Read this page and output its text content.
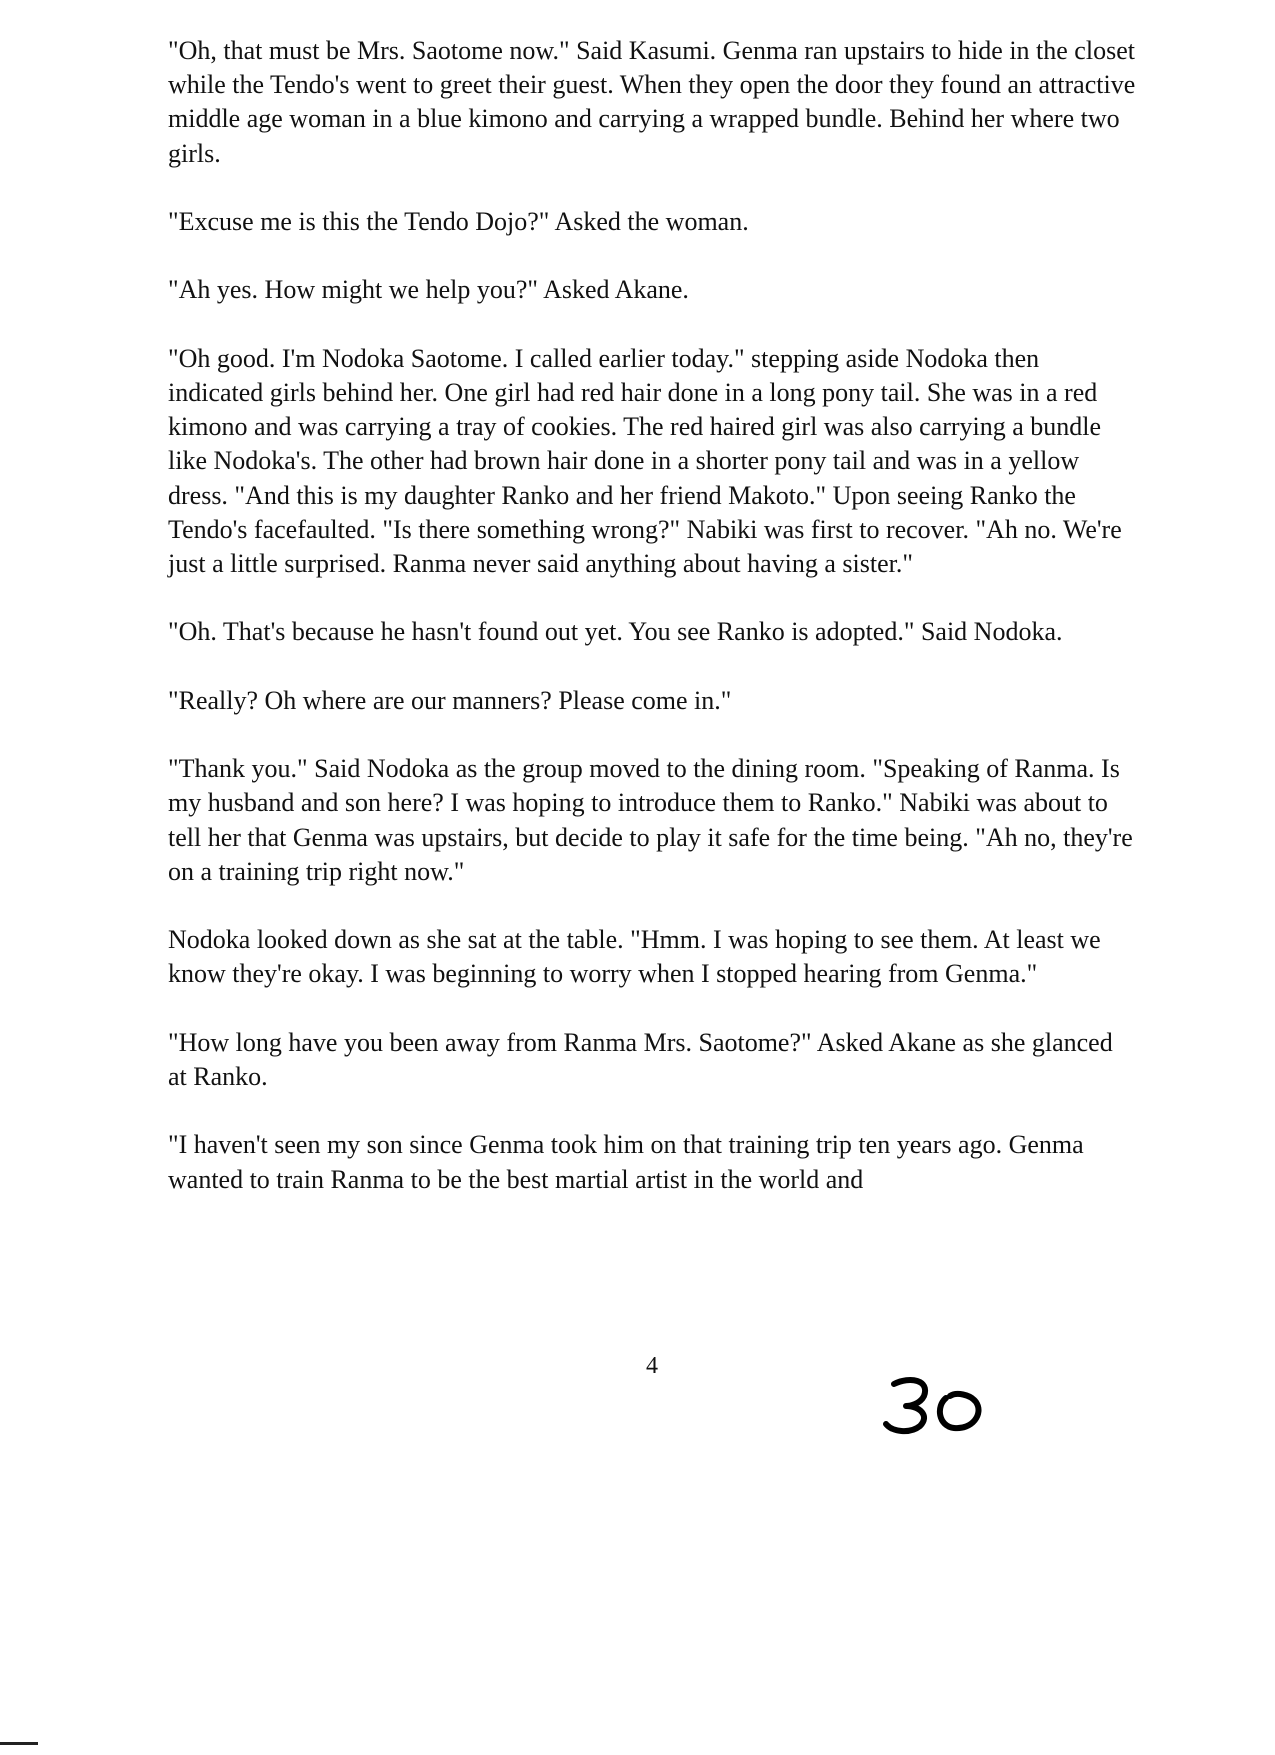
"Oh, that must be Mrs. Saotome now." Said Kasumi. Genma ran upstairs to hide in the closet while the Tendo's went to greet their guest. When they open the door they found an attractive middle age woman in a blue kimono and carrying a wrapped bundle. Behind her where two girls.

"Excuse me is this the Tendo Dojo?" Asked the woman.

"Ah yes. How might we help you?" Asked Akane.

"Oh good. I'm Nodoka Saotome. I called earlier today." stepping aside Nodoka then indicated girls behind her. One girl had red hair done in a long pony tail. She was in a red kimono and was carrying a tray of cookies. The red haired girl was also carrying a bundle like Nodoka's. The other had brown hair done in a shorter pony tail and was in a yellow dress. "And this is my daughter Ranko and her friend Makoto." Upon seeing Ranko the Tendo's facefaulted. "Is there something wrong?" Nabiki was first to recover. "Ah no. We're just a little surprised. Ranma never said anything about having a sister."

"Oh. That's because he hasn't found out yet. You see Ranko is adopted." Said Nodoka.

"Really? Oh where are our manners? Please come in."

"Thank you." Said Nodoka as the group moved to the dining room. "Speaking of Ranma. Is my husband and son here? I was hoping to introduce them to Ranko." Nabiki was about to tell her that Genma was upstairs, but decide to play it safe for the time being. "Ah no, they're on a training trip right now."

Nodoka looked down as she sat at the table. "Hmm. I was hoping to see them. At least we know they're okay. I was beginning to worry when I stopped hearing from Genma."

"How long have you been away from Ranma Mrs. Saotome?" Asked Akane as she glanced at Ranko.

"I haven't seen my son since Genma took him on that training trip ten years ago. Genma wanted to train Ranma to be the best martial artist in the world and

4
